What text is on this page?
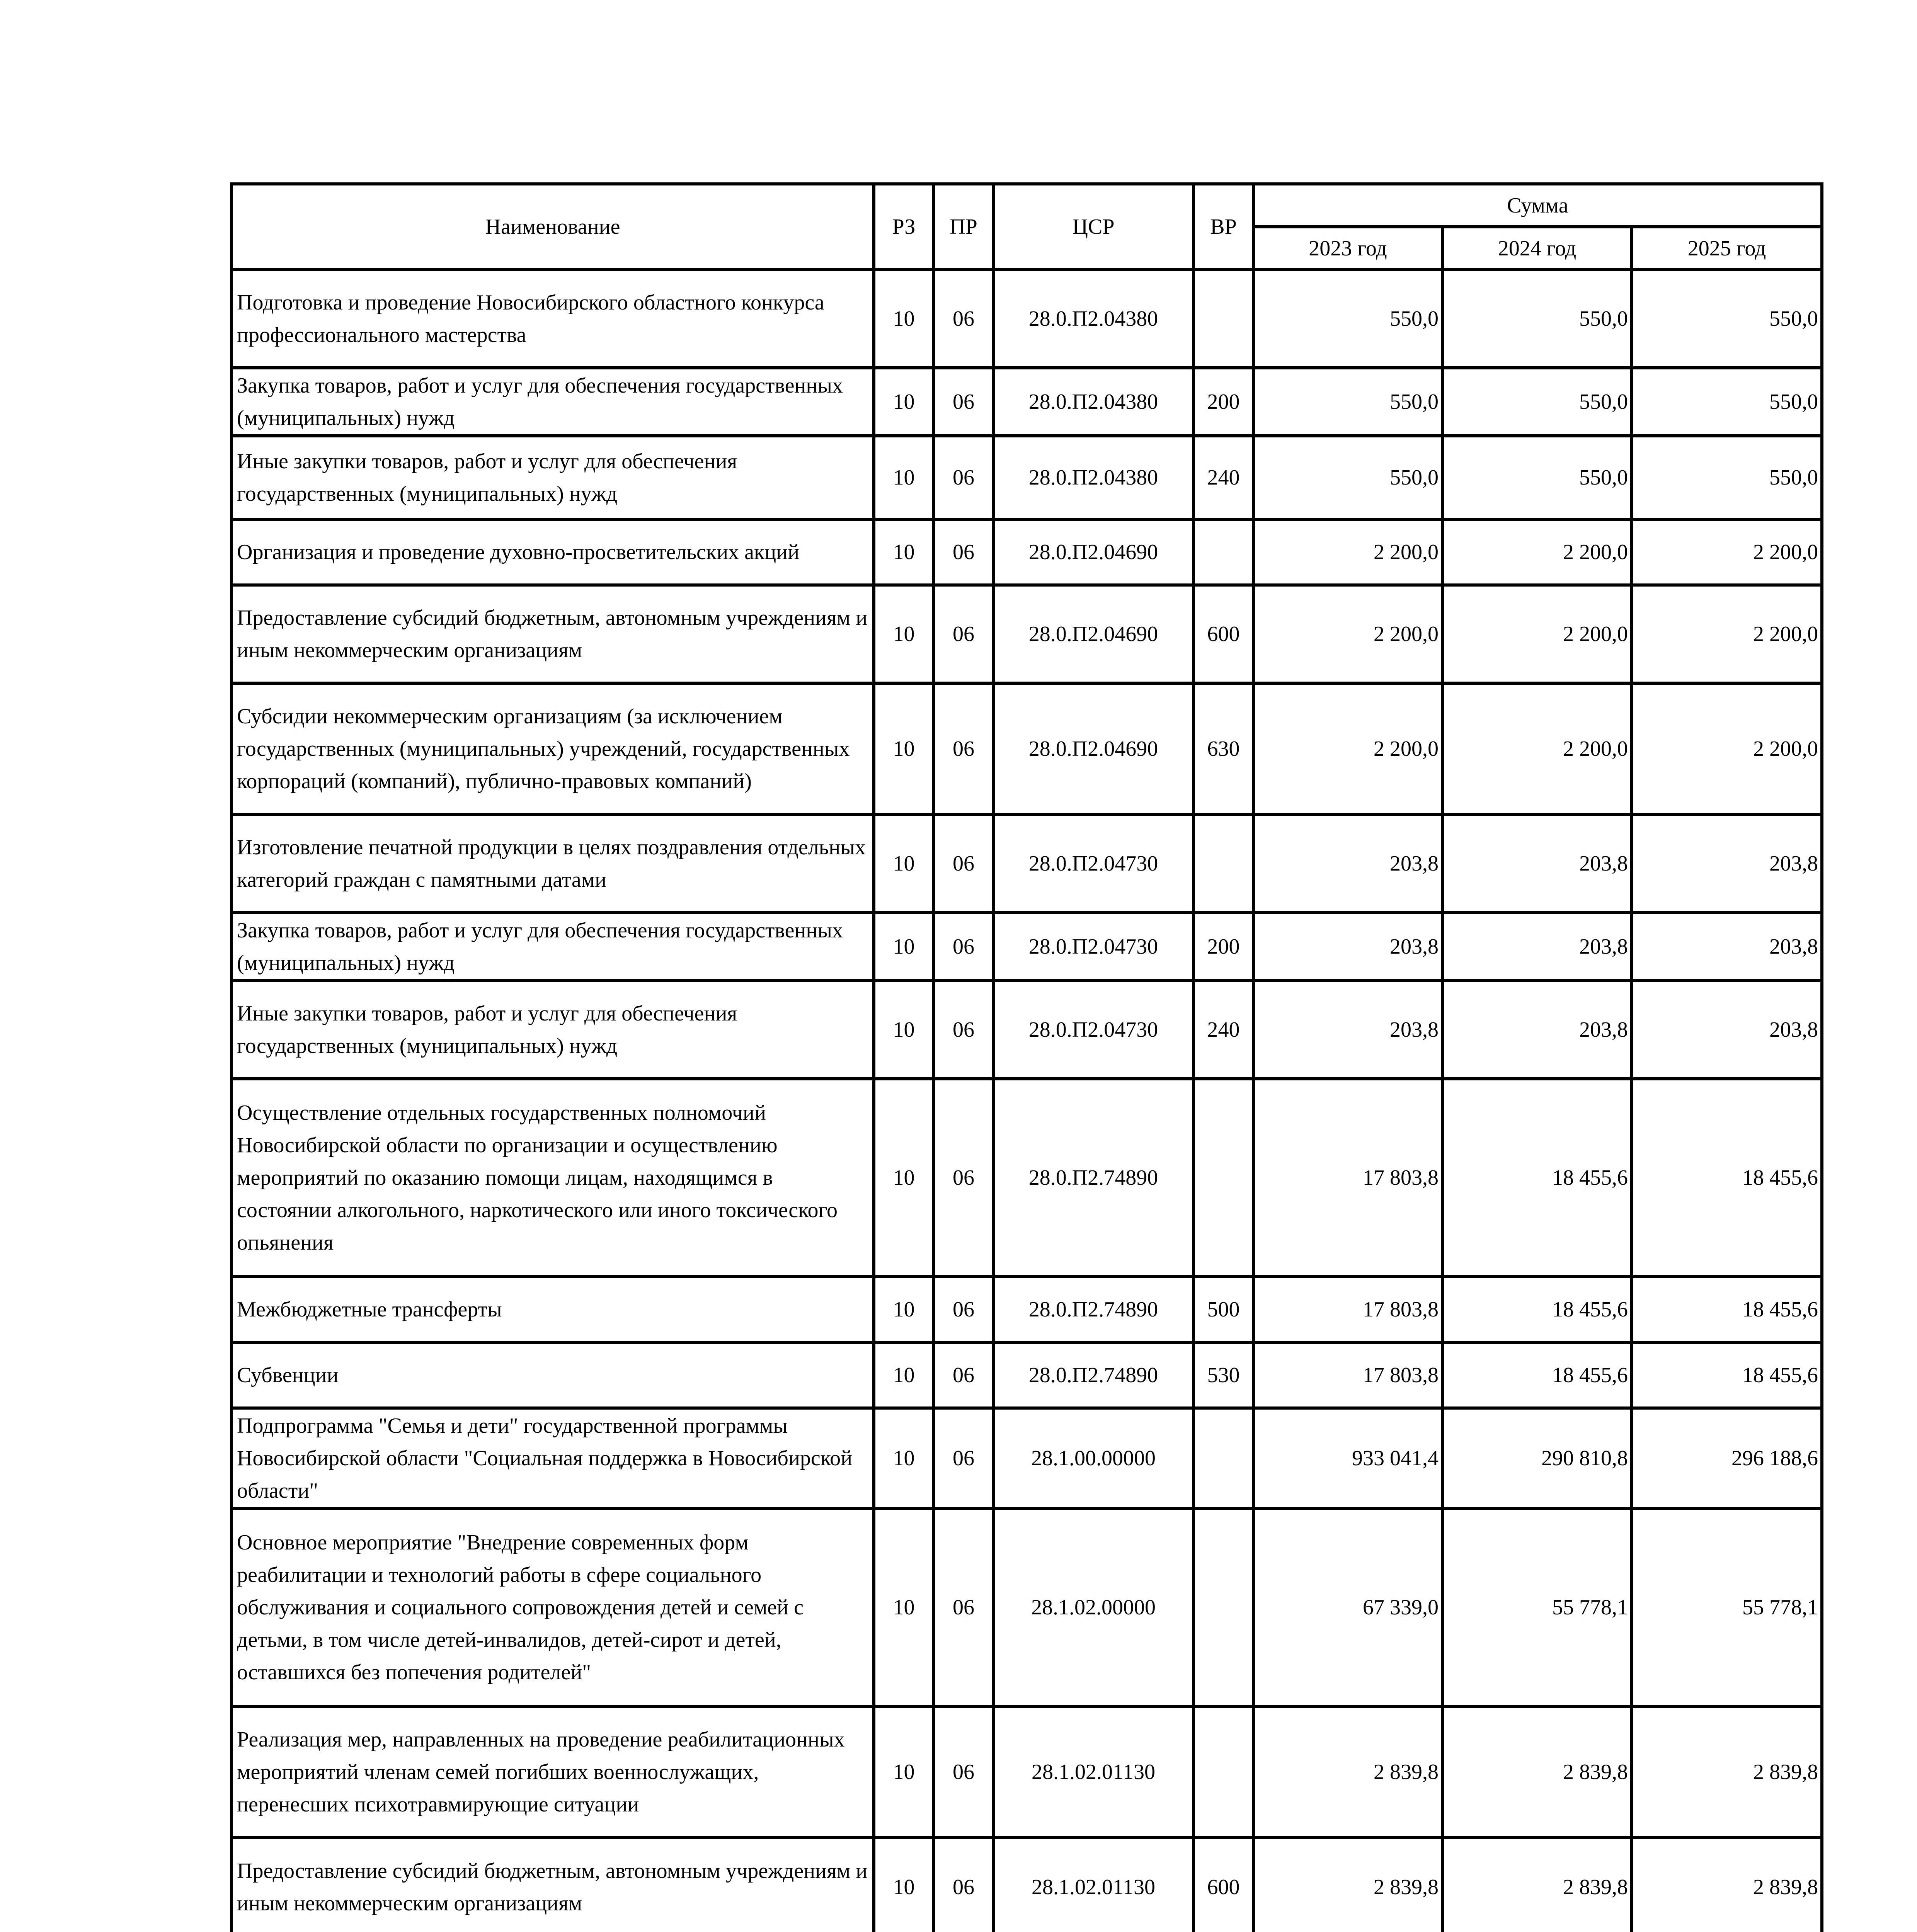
Наименование	РЗ	ПР	ЦСР	ВР	Сумма		
					2023 год	2024 год	2025 год
Подготовка и проведение Новосибирского областного конкурса профессионального мастерства	10	06	28.0.П2.04380		550,0	550,0	550,0
Закупка товаров, работ и услуг для обеспечения государственных (муниципальных) нужд	10	06	28.0.П2.04380	200	550,0	550,0	550,0
Иные закупки товаров, работ и услуг для обеспечения государственных (муниципальных) нужд	10	06	28.0.П2.04380	240	550,0	550,0	550,0
Организация и проведение духовно-просветительских акций	10	06	28.0.П2.04690		2 200,0	2 200,0	2 200,0
Предоставление субсидий бюджетным, автономным учреждениям и иным некоммерческим организациям	10	06	28.0.П2.04690	600	2 200,0	2 200,0	2 200,0
Субсидии некоммерческим организациям (за исключением государственных (муниципальных) учреждений, государственных корпораций (компаний), публично-правовых компаний)	10	06	28.0.П2.04690	630	2 200,0	2 200,0	2 200,0
Изготовление печатной продукции в целях поздравления отдельных категорий граждан с памятными датами	10	06	28.0.П2.04730		203,8	203,8	203,8
Закупка товаров, работ и услуг для обеспечения государственных (муниципальных) нужд	10	06	28.0.П2.04730	200	203,8	203,8	203,8
Иные закупки товаров, работ и услуг для обеспечения государственных (муниципальных) нужд	10	06	28.0.П2.04730	240	203,8	203,8	203,8
Осуществление отдельных государственных полномочий Новосибирской области по организации и осуществлению мероприятий по оказанию помощи лицам, находящимся в состоянии алкогольного, наркотического или иного токсического опьянения	10	06	28.0.П2.74890		17 803,8	18 455,6	18 455,6
Межбюджетные трансферты	10	06	28.0.П2.74890	500	17 803,8	18 455,6	18 455,6
Субвенции	10	06	28.0.П2.74890	530	17 803,8	18 455,6	18 455,6
Подпрограмма "Семья и дети" государственной программы Новосибирской области "Социальная поддержка в Новосибирской области"	10	06	28.1.00.00000		933 041,4	290 810,8	296 188,6
Основное мероприятие "Внедрение современных форм реабилитации и технологий работы в сфере социального обслуживания и социального сопровождения детей и семей с детьми, в том числе детей-инвалидов, детей-сирот и детей, оставшихся без попечения родителей"	10	06	28.1.02.00000		67 339,0	55 778,1	55 778,1
Реализация мер, направленных на проведение реабилитационных мероприятий членам семей погибших военнослужащих, перенесших психотравмирующие ситуации	10	06	28.1.02.01130		2 839,8	2 839,8	2 839,8
Предоставление субсидий бюджетным, автономным учреждениям и иным некоммерческим организациям	10	06	28.1.02.01130	600	2 839,8	2 839,8	2 839,8
